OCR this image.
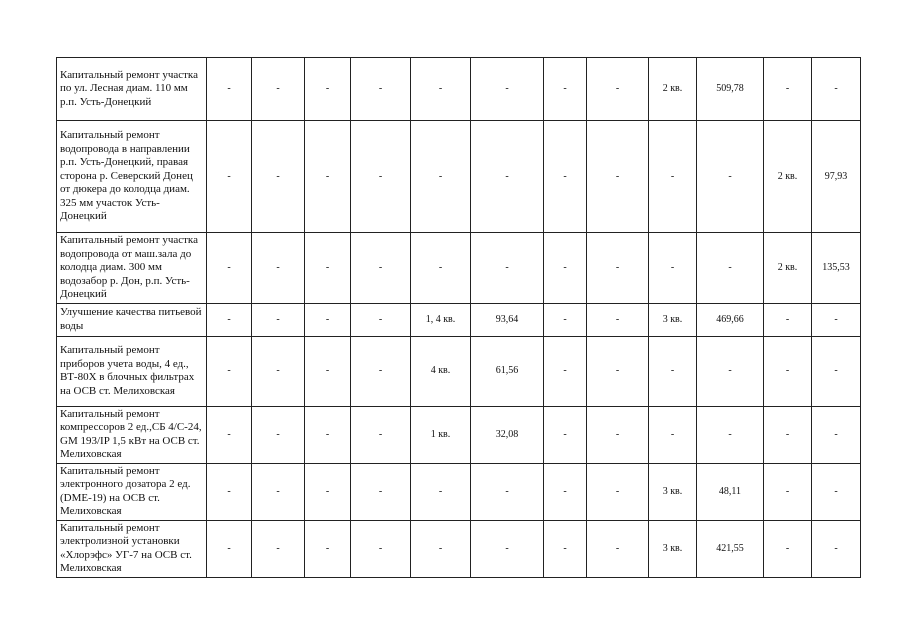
Капитальный ремонт участка по ул. Лесная диам. 110 мм р.п. Усть-Донецкий	-	-	-	-	-	-	-	-	2 кв.	509,78	-	-
Капитальный ремонт водопровода в направлении р.п. Усть-Донецкий, правая сторона р. Северский Донец от дюкера до колодца диам. 325 мм участок Усть-Донецкий	-	-	-	-	-	-	-	-	-	-	2 кв.	97,93
Капитальный ремонт участка водопровода от маш.зала до колодца диам. 300 мм водозабор р. Дон, р.п. Усть-Донецкий	-	-	-	-	-	-	-	-	-	-	2 кв.	135,53
Улучшение качества питьевой воды	-	-	-	-	1, 4 кв.	93,64	-	-	3 кв.	469,66	-	-
Капитальный ремонт приборов учета воды, 4 ед., ВТ-80Х в блочных фильтрах на ОСВ ст. Мелиховская	-	-	-	-	4 кв.	61,56	-	-	-	-	-	-
Капитальный ремонт компрессоров 2 ед.,СБ 4/С-24, GM 193/IP 1,5 кВт на ОСВ ст. Мелиховская	-	-	-	-	1 кв.	32,08	-	-	-	-	-	-
Капитальный ремонт электронного дозатора 2 ед. (DME-19) на ОСВ ст. Мелиховская	-	-	-	-	-	-	-	-	3 кв.	48,11	-	-
Капитальный ремонт электролизной установки «Хлорэфс» УГ-7 на ОСВ ст. Мелиховская	-	-	-	-	-	-	-	-	3 кв.	421,55	-	-
